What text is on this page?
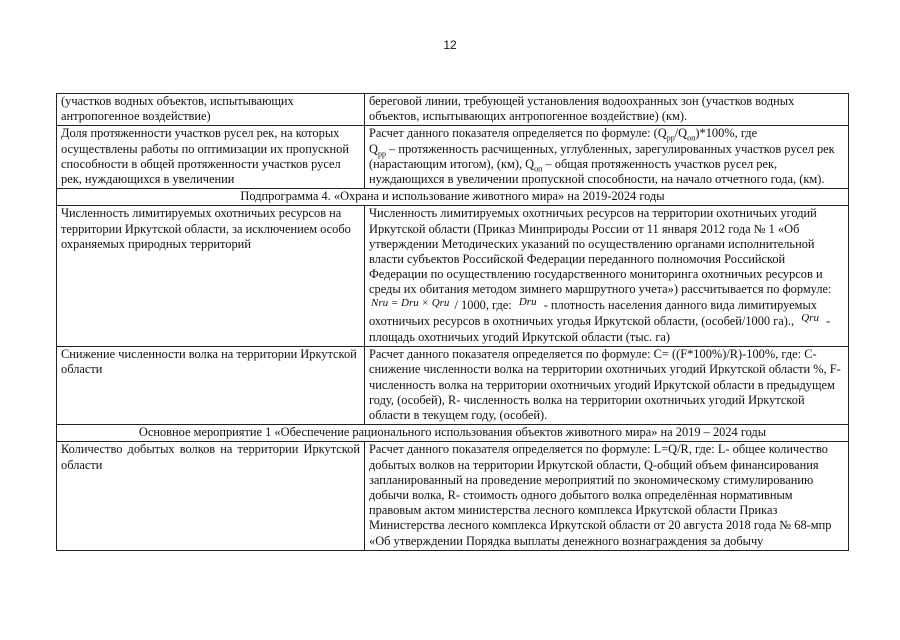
12
(участков водных объектов, испытывающих антропогенное воздействие)	береговой линии, требующей установления водоохранных зон (участков водных объектов, испытывающих антропогенное воздействие) (км).
Доля протяженности участков русел рек, на которых осуществлены работы по оптимизации их пропускной способности в общей протяженности участков русел рек, нуждающихся в увеличении	Расчет данного показателя определяется по формуле: $(Q_{рр}/Q_{оп})*100\%$, где
$Q_{рр}$ – протяженность расчищенных, углубленных, зарегулированных участков русел рек (нарастающим итогом), (км), $Q_{оп}$ – общая протяженность участков русел рек, нуждающихся в увеличении пропускной способности, на начало отчетного года, (км).
Подпрограмма 4. «Охрана и использование животного мира» на 2019-2024 годы	
Численность лимитируемых охотничьих ресурсов на территории Иркутской области, за исключением особо охраняемых природных территорий	Численность лимитируемых охотничьих ресурсов на территории охотничьих угодий Иркутской области (Приказ Минприроды России от 11 января 2012 года № 1 «Об утверждении Методических указаний по осуществлению органами исполнительной власти субъектов Российской Федерации переданного полномочия Российской Федерации по осуществлению государственного мониторинга охотничьих ресурсов и среды их обитания методом зимнего маршрутного учета») рассчитывается по формуле: Nru = Dru × Qru / 1000, где: Dru - плотность населения данного вида лимитируемых охотничьих ресурсов в охотничьих угодья Иркутской области, (особей/1000 га)., Qru - площадь охотничьих угодий Иркутской области (тыс. га)
Снижение численности волка на территории Иркутской области	Расчет данного показателя определяется по формуле: C= ((F*100%)/R)-100%, где: C- снижение численности волка на территории охотничьих угодий Иркутской области %, F- численность волка на территории охотничьих угодий Иркутской области в предыдущем году, (особей), R- численность волка на территории охотничьих угодий Иркутской области в текущем году, (особей).
Основное мероприятие 1 «Обеспечение рационального использования объектов животного мира» на 2019 – 2024 годы	
Количество добытых волков на территории Иркутской области	Расчет данного показателя определяется по формуле: L=Q/R, где: L- общее количество добытых волков на территории Иркутской области, Q-общий объем финансирования запланированный на проведение мероприятий по экономическому стимулированию добычи волка, R- стоимость одного добытого волка определённая нормативным правовым актом министерства лесного комплекса Иркутской области Приказ Министерства лесного комплекса Иркутской области от 20 августа 2018 года № 68-мпр «Об утверждении Порядка выплаты денежного вознаграждения за добычу
